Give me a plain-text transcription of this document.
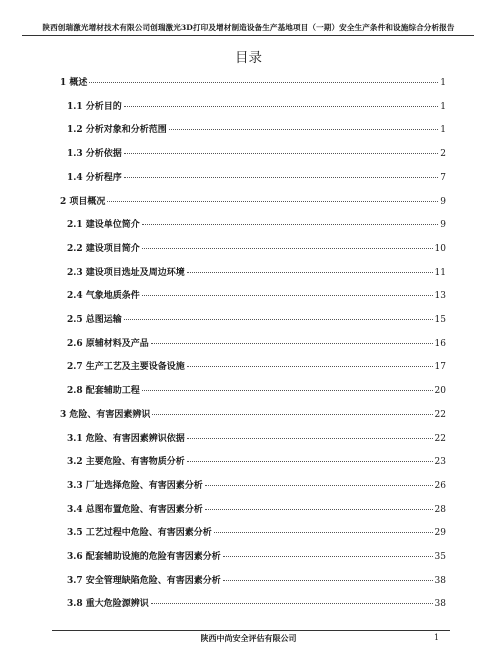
陕西创瑞激光增材技术有限公司创瑞激光3D打印及增材制造设备生产基地项目（一期）安全生产条件和设施综合分析报告
目录
1 概述	1
1.1 分析目的	1
1.2 分析对象和分析范围	1
1.3 分析依据	2
1.4 分析程序	7
2 项目概况	9
2.1 建设单位简介	9
2.2 建设项目简介	10
2.3 建设项目选址及周边环境	11
2.4 气象地质条件	13
2.5 总图运输	15
2.6 原辅材料及产品	16
2.7 生产工艺及主要设备设施	17
2.8 配套辅助工程	20
3 危险、有害因素辨识	22
3.1 危险、有害因素辨识依据	22
3.2 主要危险、有害物质分析	23
3.3 厂址选择危险、有害因素分析	26
3.4 总图布置危险、有害因素分析	28
3.5 工艺过程中危险、有害因素分析	29
3.6 配套辅助设施的危险有害因素分析	35
3.7 安全管理缺陷危险、有害因素分析	38
3.8 重大危险源辨识	38
陕西中尚安全评估有限公司	1
